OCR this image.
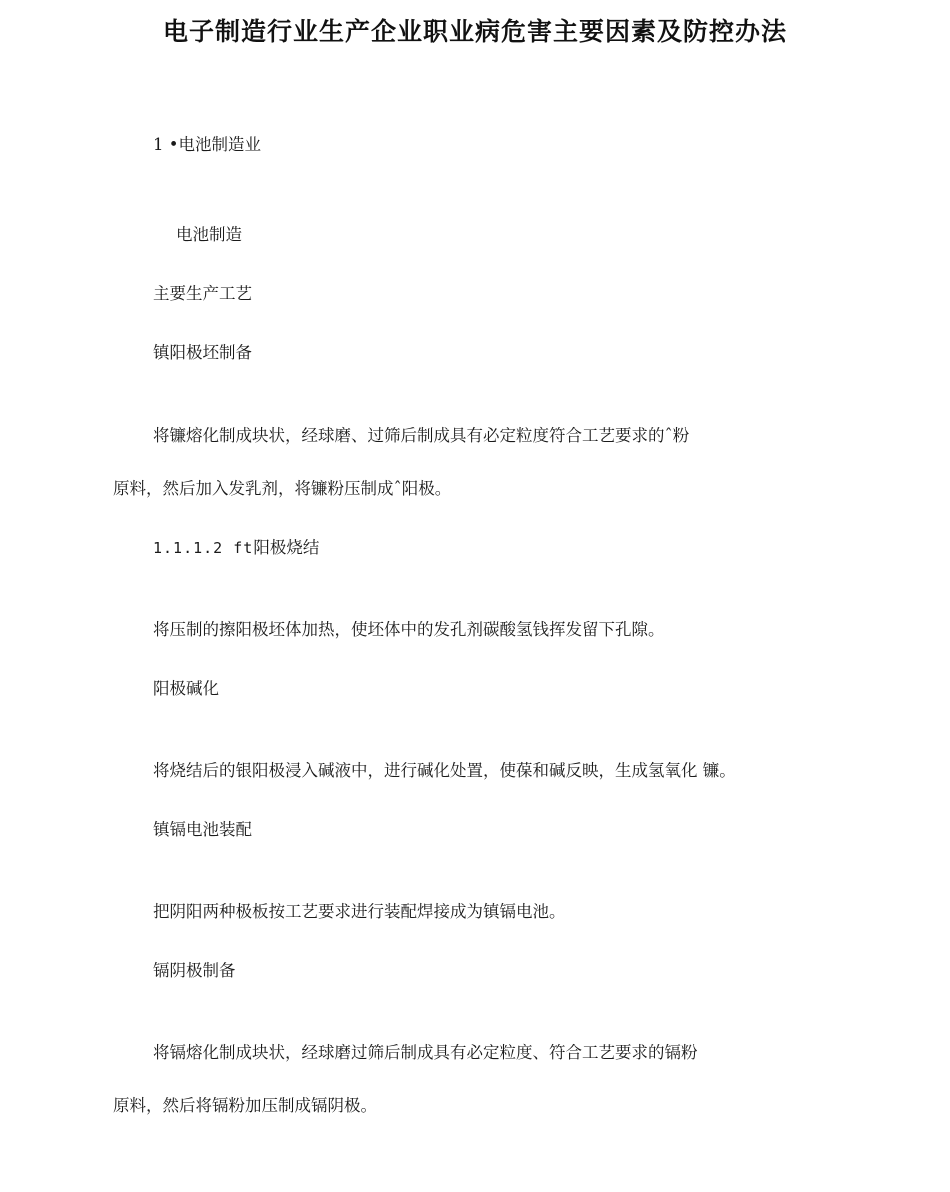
电子制造行业生产企业职业病危害主要因素及防控办法
1 •电池制造业
电池制造
主要生产工艺
镇阳极坯制备
将镰熔化制成块状，经球磨、过筛后制成具有必定粒度符合工艺要求的ˆ粉
原料，然后加入发乳剂，将镰粉压制成ˆ阳极。
1.1.1.2 ft阳极烧结
将压制的擦阳极坯体加热，使坯体中的发孔剂碳酸氢钱挥发留下孔隙。
阳极碱化
将烧结后的银阳极浸入碱液中，进行碱化处置，使葆和碱反映，生成氢氧化 镰。
镇镉电池装配
把阴阳两种极板按工艺要求进行装配焊接成为镇镉电池。
镉阴极制备
将镉熔化制成块状，经球磨过筛后制成具有必定粒度、符合工艺要求的镉粉
原料，然后将镉粉加压制成镉阴极。
